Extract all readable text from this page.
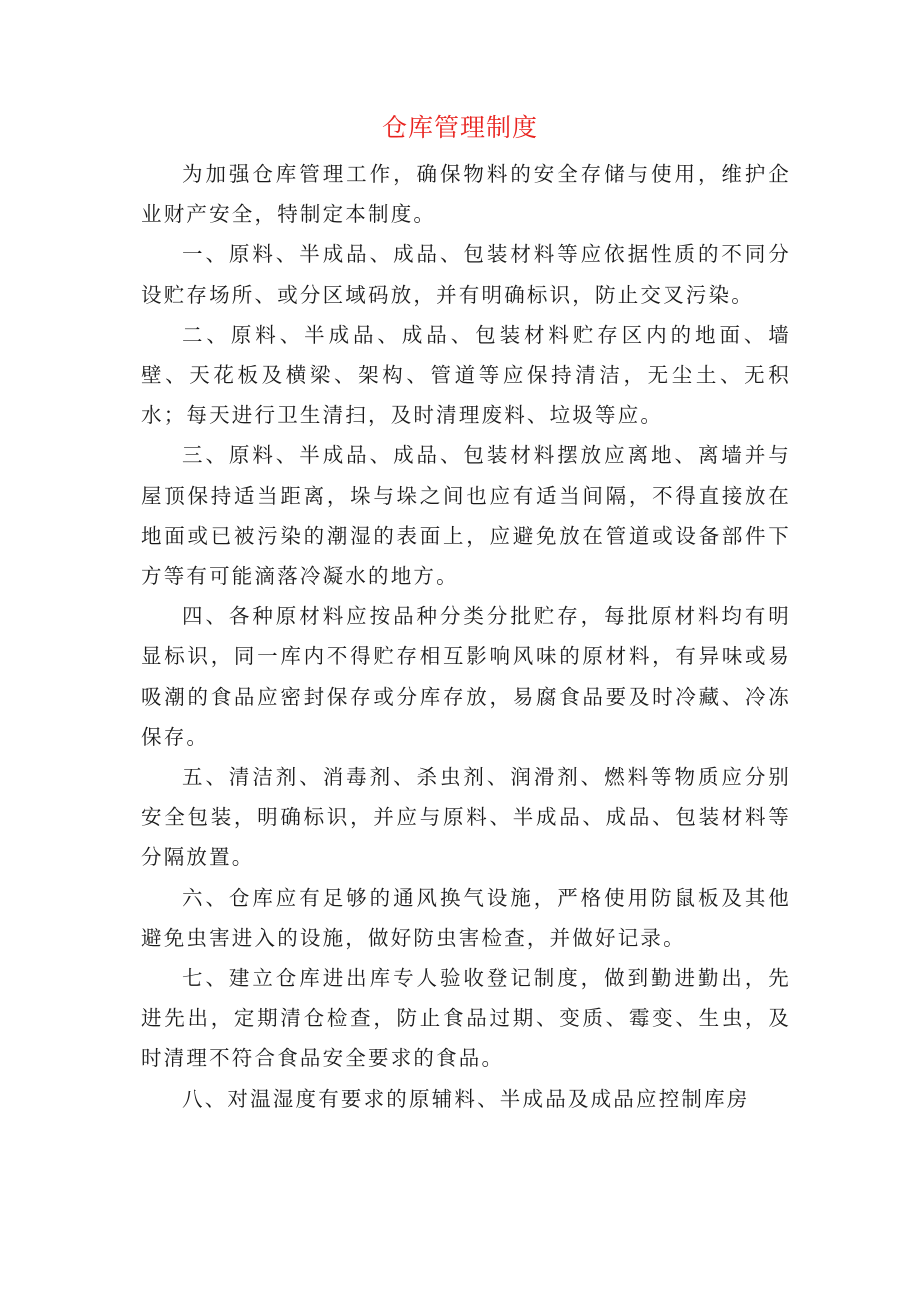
仓库管理制度

为加强仓库管理工作，确保物料的安全存储与使用，维护企业财产安全，特制定本制度。

一、原料、半成品、成品、包装材料等应依据性质的不同分设贮存场所、或分区域码放，并有明确标识，防止交叉污染。

二、原料、半成品、成品、包装材料贮存区内的地面、墙壁、天花板及横梁、架构、管道等应保持清洁，无尘土、无积水；每天进行卫生清扫，及时清理废料、垃圾等应。

三、原料、半成品、成品、包装材料摆放应离地、离墙并与屋顶保持适当距离，垛与垛之间也应有适当间隔，不得直接放在地面或已被污染的潮湿的表面上，应避免放在管道或设备部件下方等有可能滴落冷凝水的地方。

四、各种原材料应按品种分类分批贮存，每批原材料均有明显标识，同一库内不得贮存相互影响风味的原材料，有异味或易吸潮的食品应密封保存或分库存放，易腐食品要及时冷藏、冷冻保存。

五、清洁剂、消毒剂、杀虫剂、润滑剂、燃料等物质应分别安全包装，明确标识，并应与原料、半成品、成品、包装材料等分隔放置。

六、仓库应有足够的通风换气设施，严格使用防鼠板及其他避免虫害进入的设施，做好防虫害检查，并做好记录。

七、建立仓库进出库专人验收登记制度，做到勤进勤出，先进先出，定期清仓检查，防止食品过期、变质、霉变、生虫，及时清理不符合食品安全要求的食品。

八、对温湿度有要求的原辅料、半成品及成品应控制库房
